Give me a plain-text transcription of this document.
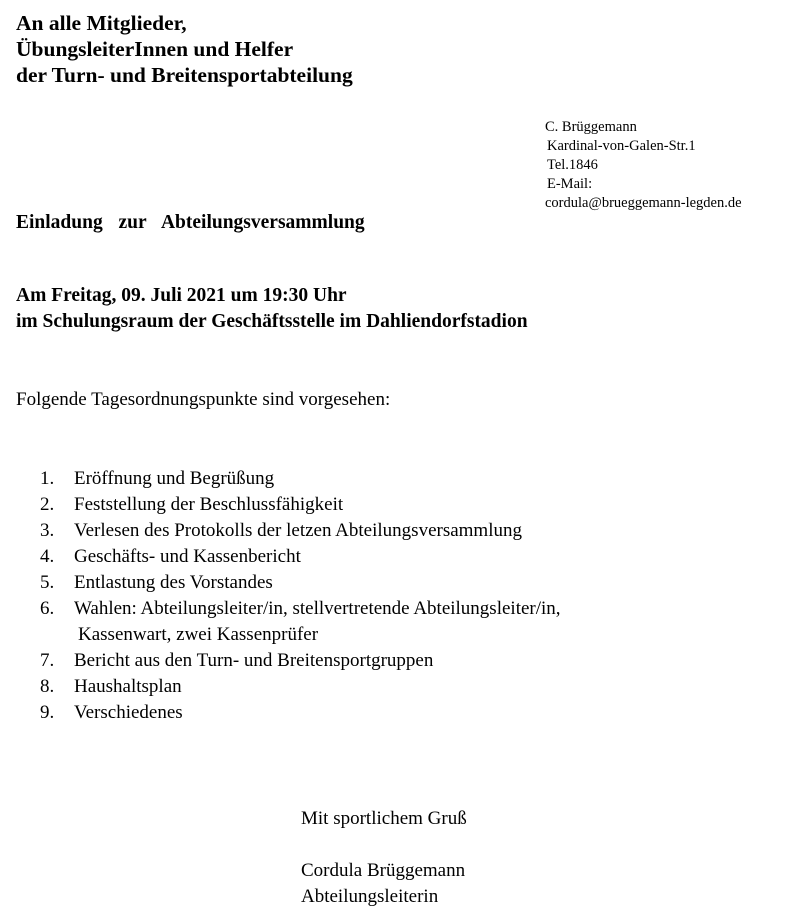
An alle Mitglieder,
ÜbungsleiterInnen und Helfer
der Turn- und Breitensportabteilung
C. Brüggemann
Kardinal-von-Galen-Str.1
Tel.1846
E-Mail:
cordula@brueggemann-legden.de
Einladung  zur  Abteilungsversammlung
Am Freitag, 09. Juli 2021 um 19:30 Uhr
im Schulungsraum der Geschäftsstelle im Dahliendorfstadion
Folgende Tagesordnungspunkte sind vorgesehen:
1.	Eröffnung und Begrüßung
2.	Feststellung der Beschlussfähigkeit
3.	Verlesen des Protokolls der letzen Abteilungsversammlung
4.	Geschäfts- und Kassenbericht
5.	Entlastung des Vorstandes
6.	Wahlen: Abteilungsleiter/in, stellvertretende Abteilungsleiter/in,
Kassenwart, zwei Kassenprüfer
7.	Bericht aus den Turn- und Breitensportgruppen
8.	Haushaltsplan
9.	Verschiedenes
Mit sportlichem Gruß
Cordula Brüggemann
Abteilungsleiterin
